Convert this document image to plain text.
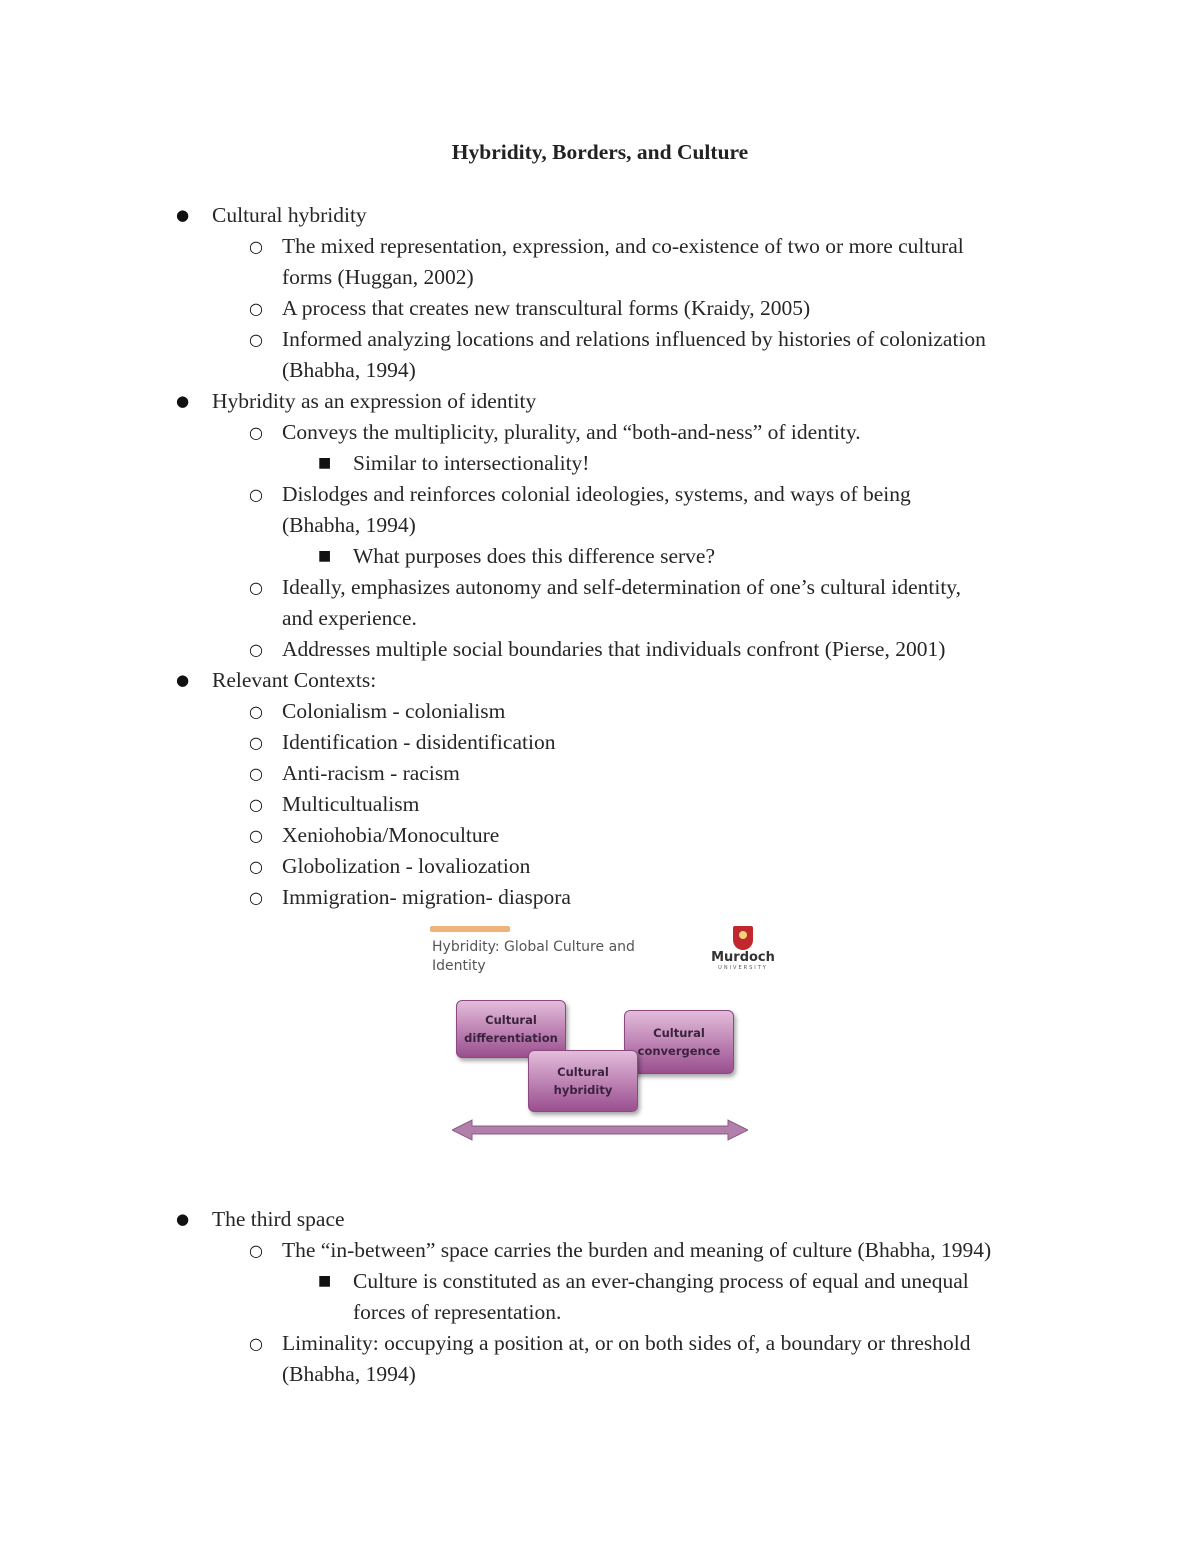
Hybridity, Borders, and Culture
● Cultural hybridity
○ The mixed representation, expression, and co-existence of two or more cultural
forms (Huggan, 2002)
○ A process that creates new transcultural forms (Kraidy, 2005)
○ Informed analyzing locations and relations influenced by histories of colonization
(Bhabha, 1994)
● Hybridity as an expression of identity
○ Conveys the multiplicity, plurality, and “both-and-ness” of identity.
■ Similar to intersectionality!
○ Dislodges and reinforces colonial ideologies, systems, and ways of being
(Bhabha, 1994)
■ What purposes does this difference serve?
○ Ideally, emphasizes autonomy and self-determination of one’s cultural identity,
and experience.
○ Addresses multiple social boundaries that individuals confront (Pierse, 2001)
● Relevant Contexts:
○ Colonialism - colonialism
○ Identification - disidentification
○ Anti-racism - racism
○ Multicultualism
○ Xeniohobia/Monoculture
○ Globolization - lovaliozation
○ Immigration- migration- diaspora
Hybridity: Global Culture and Identity
Murdoch
UNIVERSITY
Cultural differentiation	Cultural convergence
Cultural hybridity
● The third space
○ The “in-between” space carries the burden and meaning of culture (Bhabha, 1994)
■ Culture is constituted as an ever-changing process of equal and unequal
forces of representation.
○ Liminality: occupying a position at, or on both sides of, a boundary or threshold
(Bhabha, 1994)
